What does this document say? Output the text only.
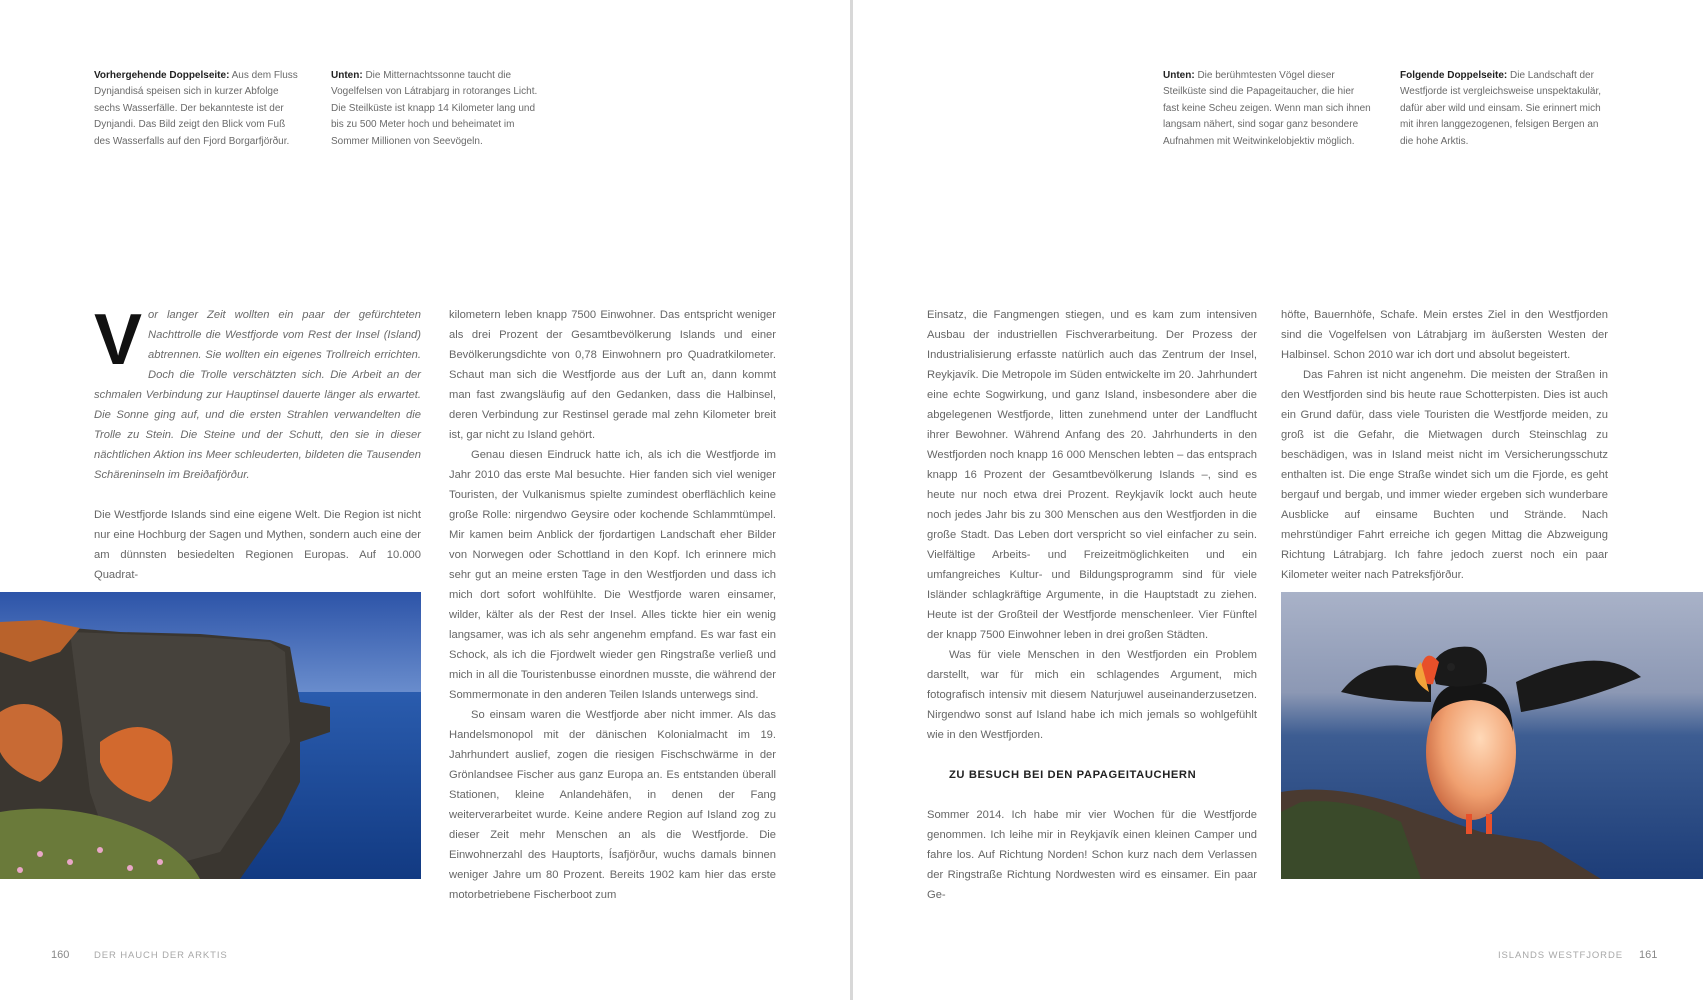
Vorhergehende Doppelseite: Aus dem Fluss Dynjandisá speisen sich in kurzer Abfolge sechs Wasserfälle. Der bekannteste ist der Dynjandi. Das Bild zeigt den Blick vom Fuß des Wasserfalls auf den Fjord Borgarfjörður.
Unten: Die Mitternachtssonne taucht die Vogelfelsen von Látrabjarg in rotoranges Licht. Die Steilküste ist knapp 14 Kilometer lang und bis zu 500 Meter hoch und beheimatet im Sommer Millionen von Seevögeln.

Vor langer Zeit wollten ein paar der gefürchteten Nachttrolle die Westfjorde vom Rest der Insel (Island) abtrennen. Sie wollten ein eigenes Trollreich errichten. Doch die Trolle verschätzten sich. Die Arbeit an der schmalen Verbindung zur Hauptinsel dauerte länger als erwartet. Die Sonne ging auf, und die ersten Strahlen verwandelten die Trolle zu Stein. Die Steine und der Schutt, den sie in dieser nächtlichen Aktion ins Meer schleuderten, bildeten die Tausenden Schäreninseln im Breiðafjörður.

Die Westfjorde Islands sind eine eigene Welt. Die Region ist nicht nur eine Hochburg der Sagen und Mythen, sondern auch eine der am dünnsten besiedelten Regionen Europas. Auf 10.000 Quadrat-

kilometern leben knapp 7500 Einwohner. Das entspricht weniger als drei Prozent der Gesamtbevölkerung Islands und einer Bevölkerungsdichte von 0,78 Einwohnern pro Quadratkilometer. Schaut man sich die Westfjorde aus der Luft an, dann kommt man fast zwangsläufig auf den Gedanken, dass die Halbinsel, deren Verbindung zur Restinsel gerade mal zehn Kilometer breit ist, gar nicht zu Island gehört.

Genau diesen Eindruck hatte ich, als ich die Westfjorde im Jahr 2010 das erste Mal besuchte. Hier fanden sich viel weniger Touristen, der Vulkanismus spielte zumindest oberflächlich keine große Rolle: nirgendwo Geysire oder kochende Schlammtümpel. Mir kamen beim Anblick der fjordartigen Landschaft eher Bilder von Norwegen oder Schottland in den Kopf. Ich erinnere mich sehr gut an meine ersten Tage in den Westfjorden und dass ich mich dort sofort wohlfühlte. Die Westfjorde waren einsamer, wilder, kälter als der Rest der Insel. Alles tickte hier ein wenig langsamer, was ich als sehr angenehm empfand. Es war fast ein Schock, als ich die Fjordwelt wieder gen Ringstraße verließ und mich in all die Touristenbusse einordnen musste, die während der Sommermonate in den anderen Teilen Islands unterwegs sind.

So einsam waren die Westfjorde aber nicht immer. Als das Handelsmonopol mit der dänischen Kolonialmacht im 19. Jahrhundert auslief, zogen die riesigen Fischschwärme in der Grönlandsee Fischer aus ganz Europa an. Es entstanden überall Stationen, kleine Anlandehäfen, in denen der Fang weiterverarbeitet wurde. Keine andere Region auf Island zog zu dieser Zeit mehr Menschen an als die Westfjorde. Die Einwohnerzahl des Hauptorts, Ísafjörður, wuchs damals binnen weniger Jahre um 80 Prozent. Bereits 1902 kam hier das erste motorbetriebene Fischerboot zum

160	DER HAUCH DER ARKTIS
Unten: Die berühmtesten Vögel dieser Steilküste sind die Papageitaucher, die hier fast keine Scheu zeigen. Wenn man sich ihnen langsam nähert, sind sogar ganz besondere Aufnahmen mit Weitwinkelobjektiv möglich.
Folgende Doppelseite: Die Landschaft der Westfjorde ist vergleichsweise unspektakulär, dafür aber wild und einsam. Sie erinnert mich mit ihren langgezogenen, felsigen Bergen an die hohe Arktis.

Einsatz, die Fangmengen stiegen, und es kam zum intensiven Ausbau der industriellen Fischverarbeitung. Der Prozess der Industrialisierung erfasste natürlich auch das Zentrum der Insel, Reykjavík. Die Metropole im Süden entwickelte im 20. Jahrhundert eine echte Sogwirkung, und ganz Island, insbesondere aber die abgelegenen Westfjorde, litten zunehmend unter der Landflucht ihrer Bewohner. Während Anfang des 20. Jahrhunderts in den Westfjorden noch knapp 16 000 Menschen lebten – das entsprach knapp 16 Prozent der Gesamtbevölkerung Islands –, sind es heute nur noch etwa drei Prozent. Reykjavík lockt auch heute noch jedes Jahr bis zu 300 Menschen aus den Westfjorden in die große Stadt. Das Leben dort verspricht so viel einfacher zu sein. Vielfältige Arbeits- und Freizeitmöglichkeiten und ein umfangreiches Kultur- und Bildungsprogramm sind für viele Isländer schlagkräftige Argumente, in die Hauptstadt zu ziehen. Heute ist der Großteil der Westfjorde menschenleer. Vier Fünftel der knapp 7500 Einwohner leben in drei großen Städten.

Was für viele Menschen in den Westfjorden ein Problem darstellt, war für mich ein schlagendes Argument, mich fotografisch intensiv mit diesem Naturjuwel auseinanderzusetzen. Nirgendwo sonst auf Island habe ich mich jemals so wohlgefühlt wie in den Westfjorden.

ZU BESUCH BEI DEN PAPAGEITAUCHERN

Sommer 2014. Ich habe mir vier Wochen für die Westfjorde genommen. Ich leihe mir in Reykjavík einen kleinen Camper und fahre los. Auf Richtung Norden! Schon kurz nach dem Verlassen der Ringstraße Richtung Nordwesten wird es einsamer. Ein paar Ge-

höfte, Bauernhöfe, Schafe. Mein erstes Ziel in den Westfjorden sind die Vogelfelsen von Látrabjarg im äußersten Westen der Halbinsel. Schon 2010 war ich dort und absolut begeistert.

Das Fahren ist nicht angenehm. Die meisten der Straßen in den Westfjorden sind bis heute raue Schotterpisten. Dies ist auch ein Grund dafür, dass viele Touristen die Westfjorde meiden, zu groß ist die Gefahr, die Mietwagen durch Steinschlag zu beschädigen, was in Island meist nicht im Versicherungsschutz enthalten ist. Die enge Straße windet sich um die Fjorde, es geht bergauf und bergab, und immer wieder ergeben sich wunderbare Ausblicke auf einsame Buchten und Strände. Nach mehrstündiger Fahrt erreiche ich gegen Mittag die Abzweigung Richtung Látrabjarg. Ich fahre jedoch zuerst noch ein paar Kilometer weiter nach Patreksfjörður.

ISLANDS WESTFJORDE 161
